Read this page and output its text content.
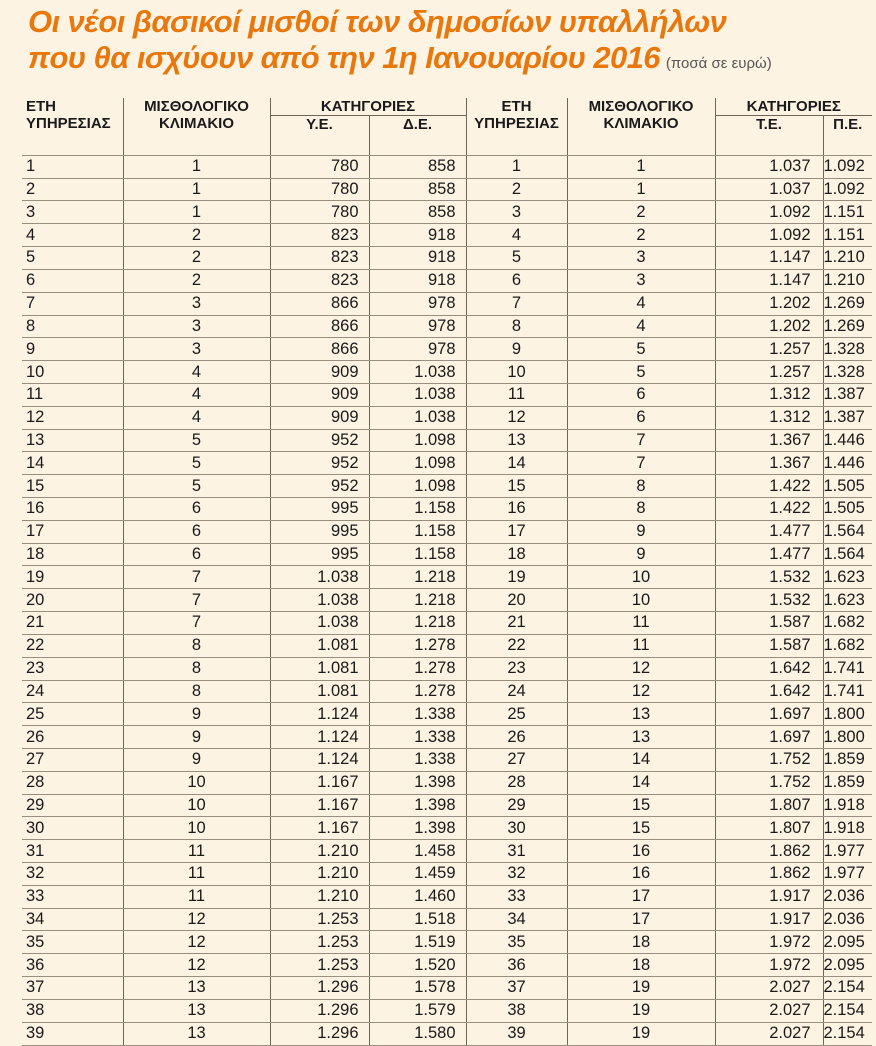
Οι νέοι βασικοί μισθοί των δημοσίων υπαλλήλων
που θα ισχύουν από την 1η Ιανουαρίου 2016 (ποσά σε ευρώ)
ΕΤΗ ΥΠΗΡΕΣΙΑΣ	ΜΙΣΘΟΛΟΓΙΚΟ ΚΛΙΜΑΚΙΟ	ΚΑΤΗΓΟΡΙΕΣ		ΕΤΗ ΥΠΗΡΕΣΙΑΣ	ΜΙΣΘΟΛΟΓΙΚΟ ΚΛΙΜΑΚΙΟ	ΚΑΤΗΓΟΡΙΕΣ	
		Υ.Ε.	Δ.Ε.			Τ.Ε.	Π.Ε.

1	1	780	858	1	1	1.037	1.092
2	1	780	858	2	1	1.037	1.092
3	1	780	858	3	2	1.092	1.151
4	2	823	918	4	2	1.092	1.151
5	2	823	918	5	3	1.147	1.210
6	2	823	918	6	3	1.147	1.210
7	3	866	978	7	4	1.202	1.269
8	3	866	978	8	4	1.202	1.269
9	3	866	978	9	5	1.257	1.328
10	4	909	1.038	10	5	1.257	1.328
11	4	909	1.038	11	6	1.312	1.387
12	4	909	1.038	12	6	1.312	1.387
13	5	952	1.098	13	7	1.367	1.446
14	5	952	1.098	14	7	1.367	1.446
15	5	952	1.098	15	8	1.422	1.505
16	6	995	1.158	16	8	1.422	1.505
17	6	995	1.158	17	9	1.477	1.564
18	6	995	1.158	18	9	1.477	1.564
19	7	1.038	1.218	19	10	1.532	1.623
20	7	1.038	1.218	20	10	1.532	1.623
21	7	1.038	1.218	21	11	1.587	1.682
22	8	1.081	1.278	22	11	1.587	1.682
23	8	1.081	1.278	23	12	1.642	1.741
24	8	1.081	1.278	24	12	1.642	1.741
25	9	1.124	1.338	25	13	1.697	1.800
26	9	1.124	1.338	26	13	1.697	1.800
27	9	1.124	1.338	27	14	1.752	1.859
28	10	1.167	1.398	28	14	1.752	1.859
29	10	1.167	1.398	29	15	1.807	1.918
30	10	1.167	1.398	30	15	1.807	1.918
31	11	1.210	1.458	31	16	1.862	1.977
32	11	1.210	1.459	32	16	1.862	1.977
33	11	1.210	1.460	33	17	1.917	2.036
34	12	1.253	1.518	34	17	1.917	2.036
35	12	1.253	1.519	35	18	1.972	2.095
36	12	1.253	1.520	36	18	1.972	2.095
37	13	1.296	1.578	37	19	2.027	2.154
38	13	1.296	1.579	38	19	2.027	2.154
39	13	1.296	1.580	39	19	2.027	2.154
